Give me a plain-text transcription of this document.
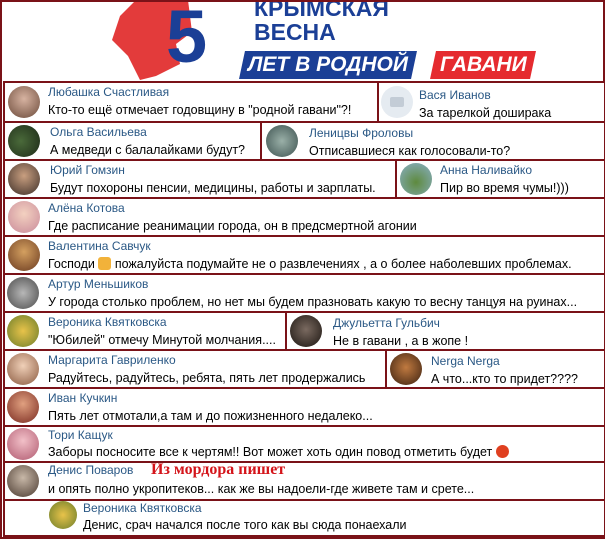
5 КРЫМСКАЯ
ВЕСНА
ЛЕТ В РОДНОЙ	ГАВАНИ
Любашка Счастливая
Кто-то ещё отмечает годовщину в "родной гавани"?!
Вася Иванов
За тарелкой доширака
Ольга Васильева
А медведи с балалайками будут?
Леницвы Фроловы
Отписавшиеся как голосовали-то?
Юрий Гомзин
Будут похороны пенсии, медицины, работы и зарплаты.
Анна Наливайко
Пир во время чумы!)))
Алёна Котова
Где расписание реанимации города, он в предсмертной агонии
Валентина Савчук
Господи  пожалуйста подумайте не о развлечениях , а о более наболевших проблемах.
Артур Меньшиков
У города столько проблем, но нет мы будем празновать какую то весну танцуя на руинах...
Вероника Квятковска
"Юбилей" отмечу Минутой молчания....
Джульетта Гульбич
Не в гавани , а в жопе !
Маргарита Гавриленко
Радуйтесь, радуйтесь, ребята, пять лет продержались
Nerga Nerga
А что...кто то придет????
Иван Кучкин
Пять лет отмотали,а там и до пожизненного недалеко...
Тори Кащук
Заборы посносите все к чертям!! Вот может хоть один повод отметить будет
Денис Поваров Из мордора пишет
и опять полно укропитеков... как же вы надоели-где живете там и срете...
Вероника Квятковска
Денис, срач начался после того как вы сюда понаехали
